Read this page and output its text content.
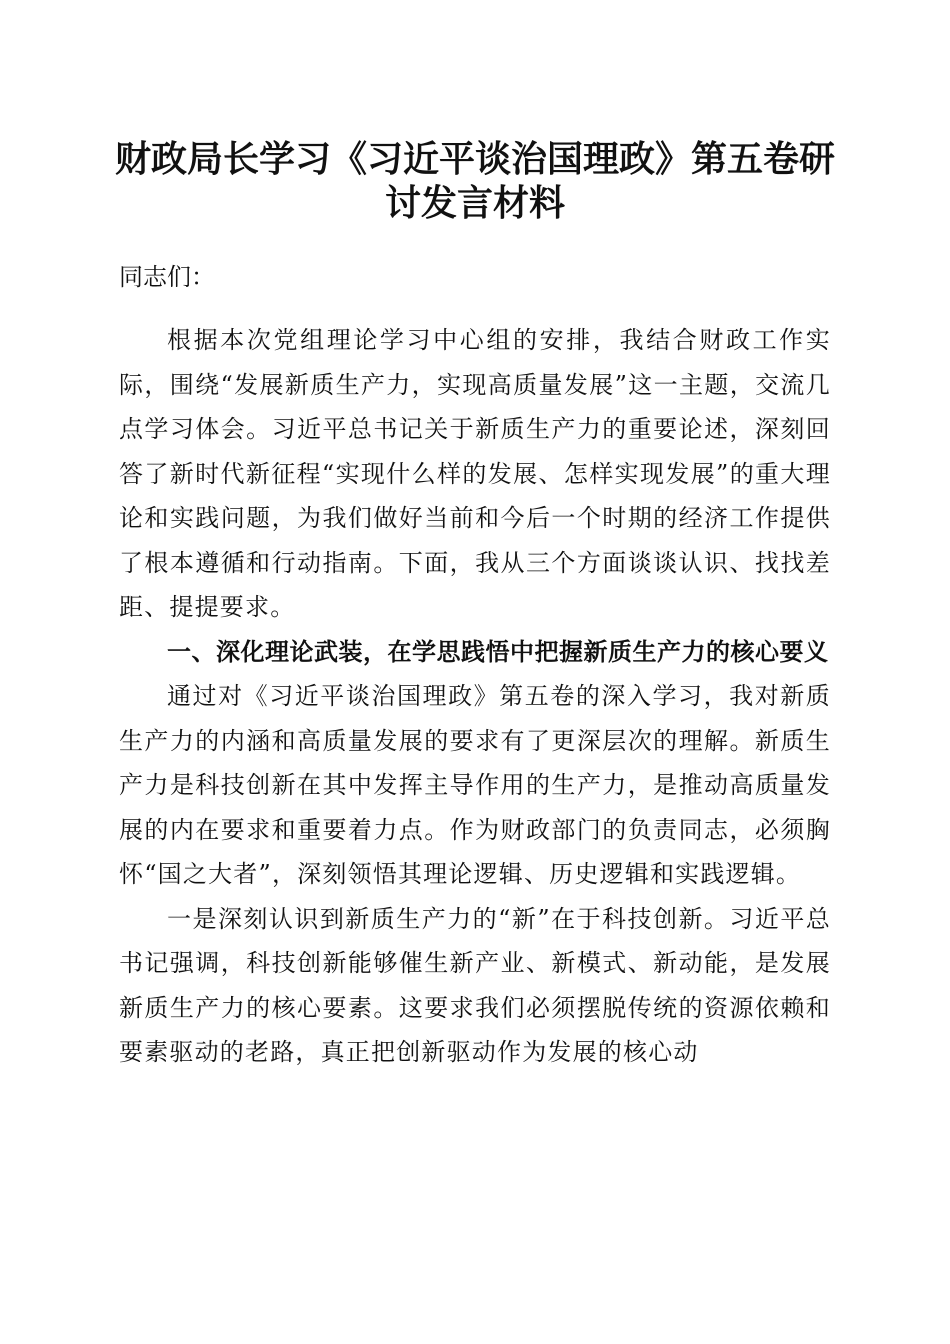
财政局长学习《习近平谈治国理政》第五卷研
讨发言材料
同志们：

根据本次党组理论学习中心组的安排，我结合财政工作实际，围绕“发展新质生产力，实现高质量发展”这一主题，交流几点学习体会。习近平总书记关于新质生产力的重要论述，深刻回答了新时代新征程“实现什么样的发展、怎样实现发展”的重大理论和实践问题，为我们做好当前和今后一个时期的经济工作提供了根本遵循和行动指南。下面，我从三个方面谈谈认识、找找差距、提提要求。

一、深化理论武装，在学思践悟中把握新质生产力的核心要义

通过对《习近平谈治国理政》第五卷的深入学习，我对新质生产力的内涵和高质量发展的要求有了更深层次的理解。新质生产力是科技创新在其中发挥主导作用的生产力，是推动高质量发展的内在要求和重要着力点。作为财政部门的负责同志，必须胸怀“国之大者”，深刻领悟其理论逻辑、历史逻辑和实践逻辑。

一是深刻认识到新质生产力的“新”在于科技创新。习近平总书记强调，科技创新能够催生新产业、新模式、新动能，是发展新质生产力的核心要素。这要求我们必须摆脱传统的资源依赖和要素驱动的老路，真正把创新驱动作为发展的核心动
